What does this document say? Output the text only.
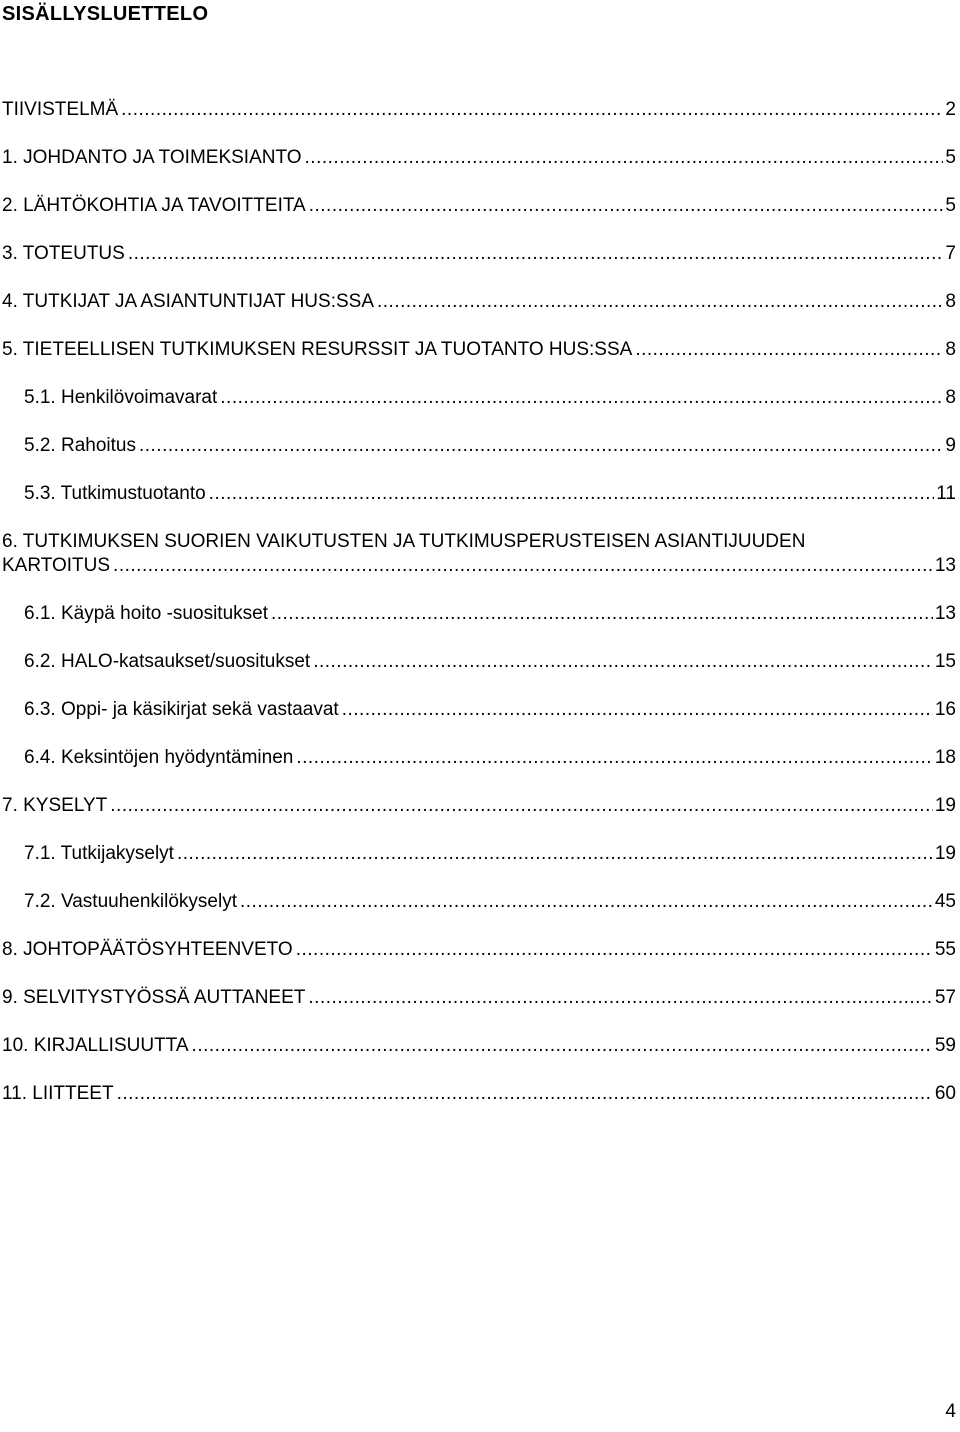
SISÄLLYSLUETTELO
TIIVISTELMÄ .....	2
1. JOHDANTO JA TOIMEKSIANTO .....	5
2. LÄHTÖKOHTIA JA TAVOITTEITA .....	5
3. TOTEUTUS .....	7
4. TUTKIJAT JA ASIANTUNTIJAT HUS:SSA .....	8
5. TIETEELLISEN TUTKIMUKSEN RESURSSIT JA TUOTANTO HUS:SSA .....	8
5.1. Henkilövoimavarat .....	8
5.2. Rahoitus .....	9
5.3. Tutkimustuotanto .....	11
6. TUTKIMUKSEN SUORIEN VAIKUTUSTEN JA TUTKIMUSPERUSTEISEN ASIANTIJUUDEN
KARTOITUS .....	13
6.1. Käypä hoito -suositukset .....	13
6.2. HALO-katsaukset/suositukset .....	15
6.3. Oppi- ja käsikirjat sekä vastaavat .....	16
6.4. Keksintöjen hyödyntäminen .....	18
7. KYSELYT .....	19
7.1. Tutkijakyselyt .....	19
7.2. Vastuuhenkilökyselyt .....	45
8. JOHTOPÄÄTÖSYHTEENVETO .....	55
9. SELVITYSTYÖSSÄ AUTTANEET .....	57
10. KIRJALLISUUTTA .....	59
11. LIITTEET .....	60
4
